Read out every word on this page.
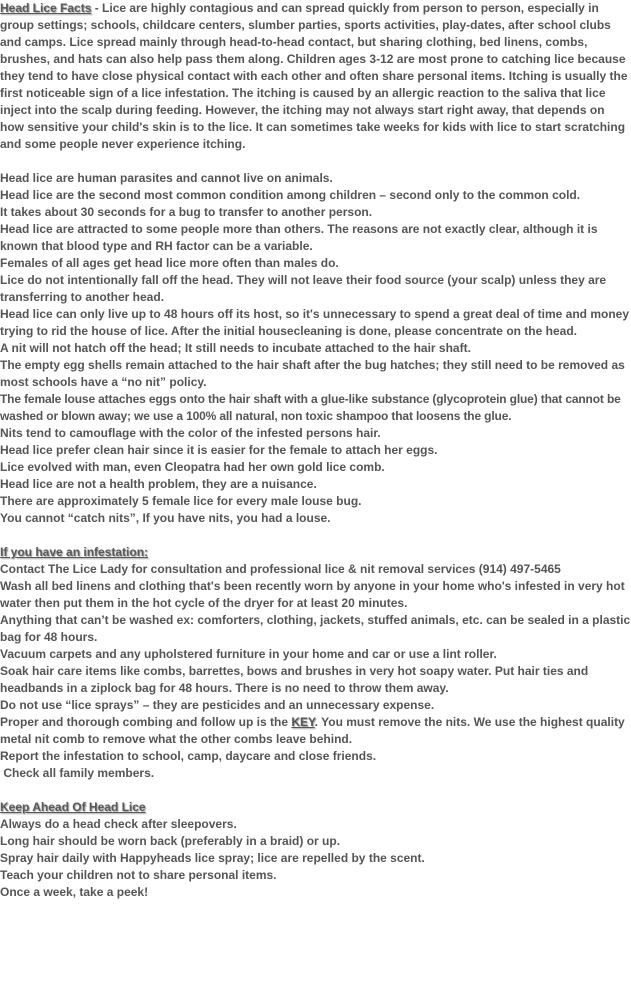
Head Lice Facts - Lice are highly contagious and can spread quickly from person to person, especially in group settings; schools, childcare centers, slumber parties, sports activities, play-dates, after school clubs and camps. Lice spread mainly through head-to-head contact, but sharing clothing, bed linens, combs, brushes, and hats can also help pass them along. Children ages 3-12 are most prone to catching lice because they tend to have close physical contact with each other and often share personal items. Itching is usually the first noticeable sign of a lice infestation. The itching is caused by an allergic reaction to the saliva that lice inject into the scalp during feeding. However, the itching may not always start right away, that depends on how sensitive your child's skin is to the lice. It can sometimes take weeks for kids with lice to start scratching and some people never experience itching.

Head lice are human parasites and cannot live on animals.

Head lice are the second most common condition among children – second only to the common cold.

It takes about 30 seconds for a bug to transfer to another person.

Head lice are attracted to some people more than others. The reasons are not exactly clear, although it is known that blood type and RH factor can be a variable.

Females of all ages get head lice more often than males do.

Lice do not intentionally fall off the head. They will not leave their food source (your scalp) unless they are transferring to another head.

Head lice can only live up to 48 hours off its host, so it's unnecessary to spend a great deal of time and money trying to rid the house of lice. After the initial housecleaning is done, please concentrate on the head.

A nit will not hatch off the head; It still needs to incubate attached to the hair shaft.

The empty egg shells remain attached to the hair shaft after the bug hatches; they still need to be removed as most schools have a “no nit” policy.

The female louse attaches eggs onto the hair shaft with a glue-like substance (glycoprotein glue) that cannot be washed or blown away; we use a 100% all natural, non toxic shampoo that loosens the glue.

Nits tend to camouflage with the color of the infested persons hair.

Head lice prefer clean hair since it is easier for the female to attach her eggs.

Lice evolved with man, even Cleopatra had her own gold lice comb.

Head lice are not a health problem, they are a nuisance.

There are approximately 5 female lice for every male louse bug.

You cannot “catch nits”, If you have nits, you had a louse.

If you have an infestation:

Contact The Lice Lady for consultation and professional lice & nit removal services (914) 497-5465

Wash all bed linens and clothing that's been recently worn by anyone in your home who's infested in very hot water then put them in the hot cycle of the dryer for at least 20 minutes.

Anything that can’t be washed ex: comforters, clothing, jackets, stuffed animals, etc. can be sealed in a plastic bag for 48 hours.

Vacuum carpets and any upholstered furniture in your home and car or use a lint roller.

Soak hair care items like combs, barrettes, bows and brushes in very hot soapy water. Put hair ties and headbands in a ziplock bag for 48 hours. There is no need to throw them away.

Do not use “lice sprays” – they are pesticides and an unnecessary expense.

Proper and thorough combing and follow up is the KEY. You must remove the nits. We use the highest quality metal nit comb to remove what the other combs leave behind.

Report the infestation to school, camp, daycare and close friends.

Check all family members.

Keep Ahead Of Head Lice

Always do a head check after sleepovers.

Long hair should be worn back (preferably in a braid) or up.

Spray hair daily with Happyheads lice spray; lice are repelled by the scent.

Teach your children not to share personal items.

Once a week, take a peek!
